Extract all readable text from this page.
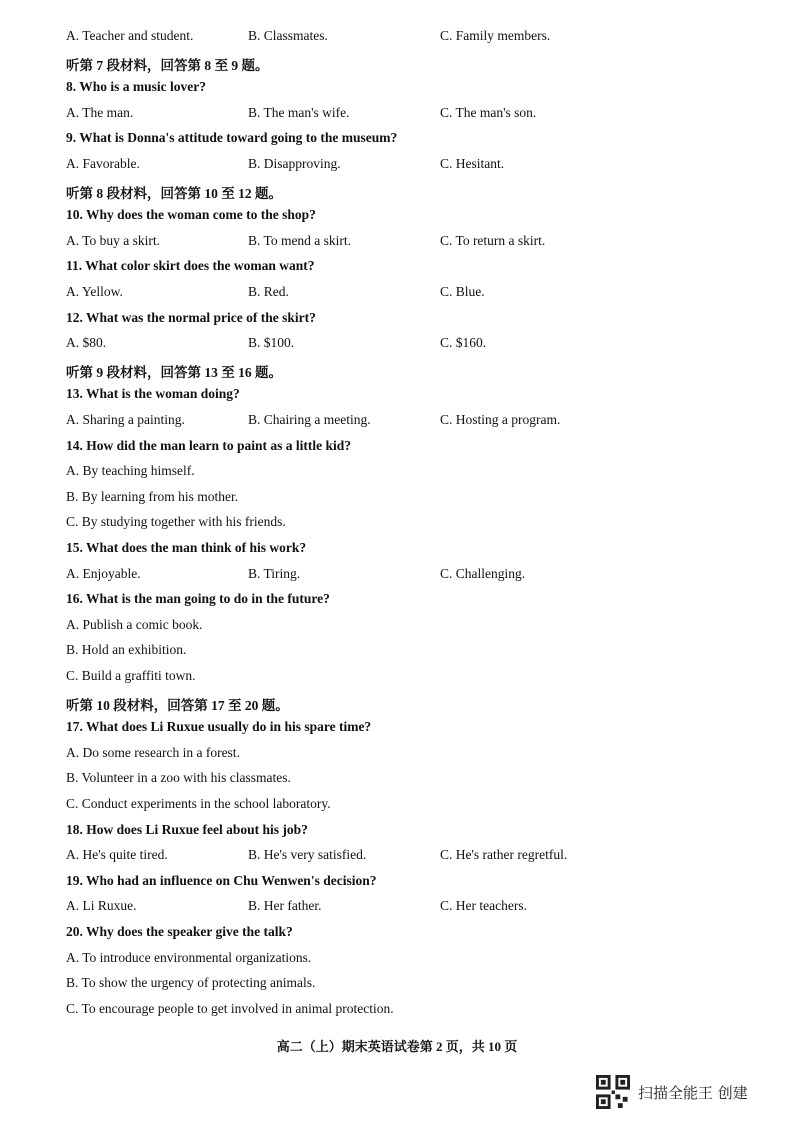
A. Teacher and student.	B. Classmates.	C. Family members.
听第 7 段材料，回答第 8 至 9 题。
8. Who is a music lover?
A. The man.	B. The man's wife.	C. The man's son.
9. What is Donna's attitude toward going to the museum?
A. Favorable.	B. Disapproving.	C. Hesitant.
听第 8 段材料，回答第 10 至 12 题。
10. Why does the woman come to the shop?
A. To buy a skirt.	B. To mend a skirt.	C. To return a skirt.
11. What color skirt does the woman want?
A. Yellow.	B. Red.	C. Blue.
12. What was the normal price of the skirt?
A. $80.	B. $100.	C. $160.
听第 9 段材料，回答第 13 至 16 题。
13. What is the woman doing?
A. Sharing a painting.	B. Chairing a meeting.	C. Hosting a program.
14. How did the man learn to paint as a little kid?
A. By teaching himself.
B. By learning from his mother.
C. By studying together with his friends.
15. What does the man think of his work?
A. Enjoyable.	B. Tiring.	C. Challenging.
16. What is the man going to do in the future?
A. Publish a comic book.
B. Hold an exhibition.
C. Build a graffiti town.
听第 10 段材料，回答第 17 至 20 题。
17. What does Li Ruxue usually do in his spare time?
A. Do some research in a forest.
B. Volunteer in a zoo with his classmates.
C. Conduct experiments in the school laboratory.
18. How does Li Ruxue feel about his job?
A. He's quite tired.	B. He's very satisfied.	C. He's rather regretful.
19. Who had an influence on Chu Wenwen's decision?
A. Li Ruxue.	B. Her father.	C. Her teachers.
20. Why does the speaker give the talk?
A. To introduce environmental organizations.
B. To show the urgency of protecting animals.
C. To encourage people to get involved in animal protection.
高二（上）期末英语试卷第 2 页，共 10 页
扫描全能王 创建
